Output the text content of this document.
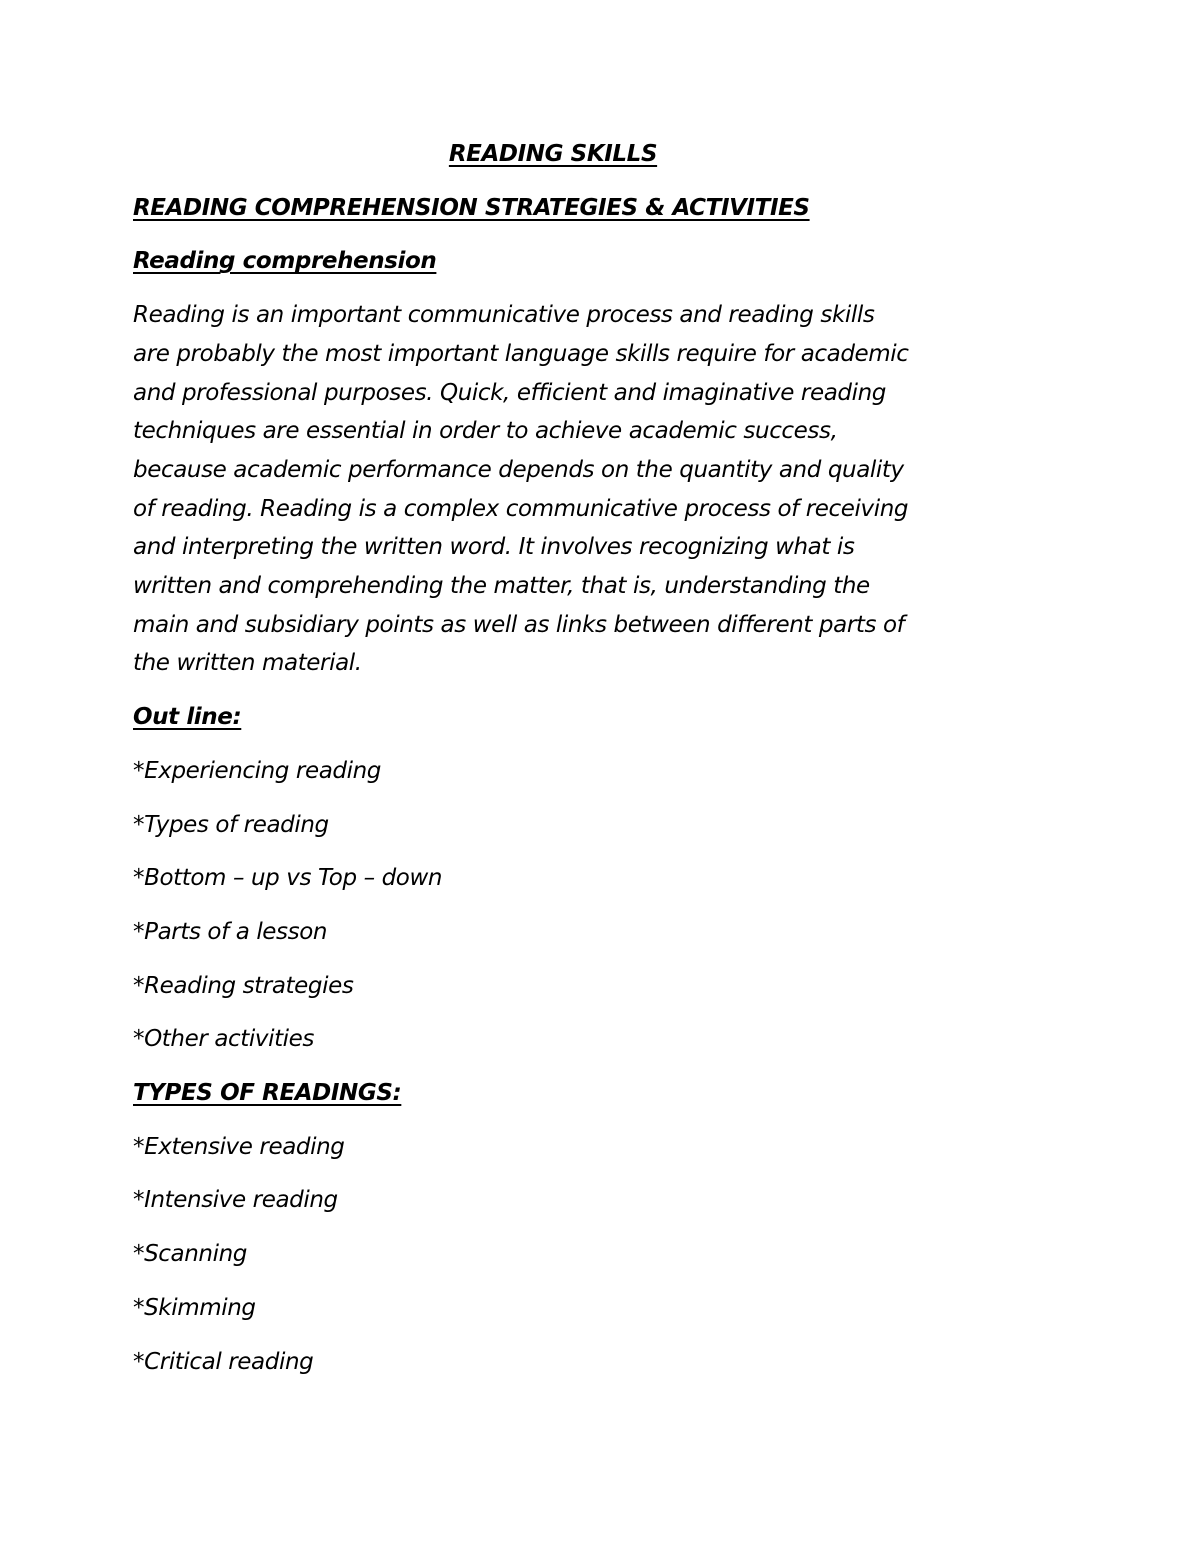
READING SKILLS
READING COMPREHENSION STRATEGIES & ACTIVITIES
Reading comprehension
Reading is an important communicative process and reading skills
are probably the most important language skills require for academic
and professional purposes. Quick, efficient and imaginative reading
techniques are essential in order to achieve academic success,
because academic performance depends on the quantity and quality
of reading. Reading is a complex communicative process of receiving
and interpreting the written word. It involves recognizing what is
written and comprehending the matter, that is, understanding the
main and subsidiary points as well as links between different parts of
the written material.
Out line:
*Experiencing reading
*Types of reading
*Bottom – up vs Top – down
*Parts of a lesson
*Reading strategies
*Other activities
TYPES OF READINGS:
*Extensive reading
*Intensive reading
*Scanning
*Skimming
*Critical reading
